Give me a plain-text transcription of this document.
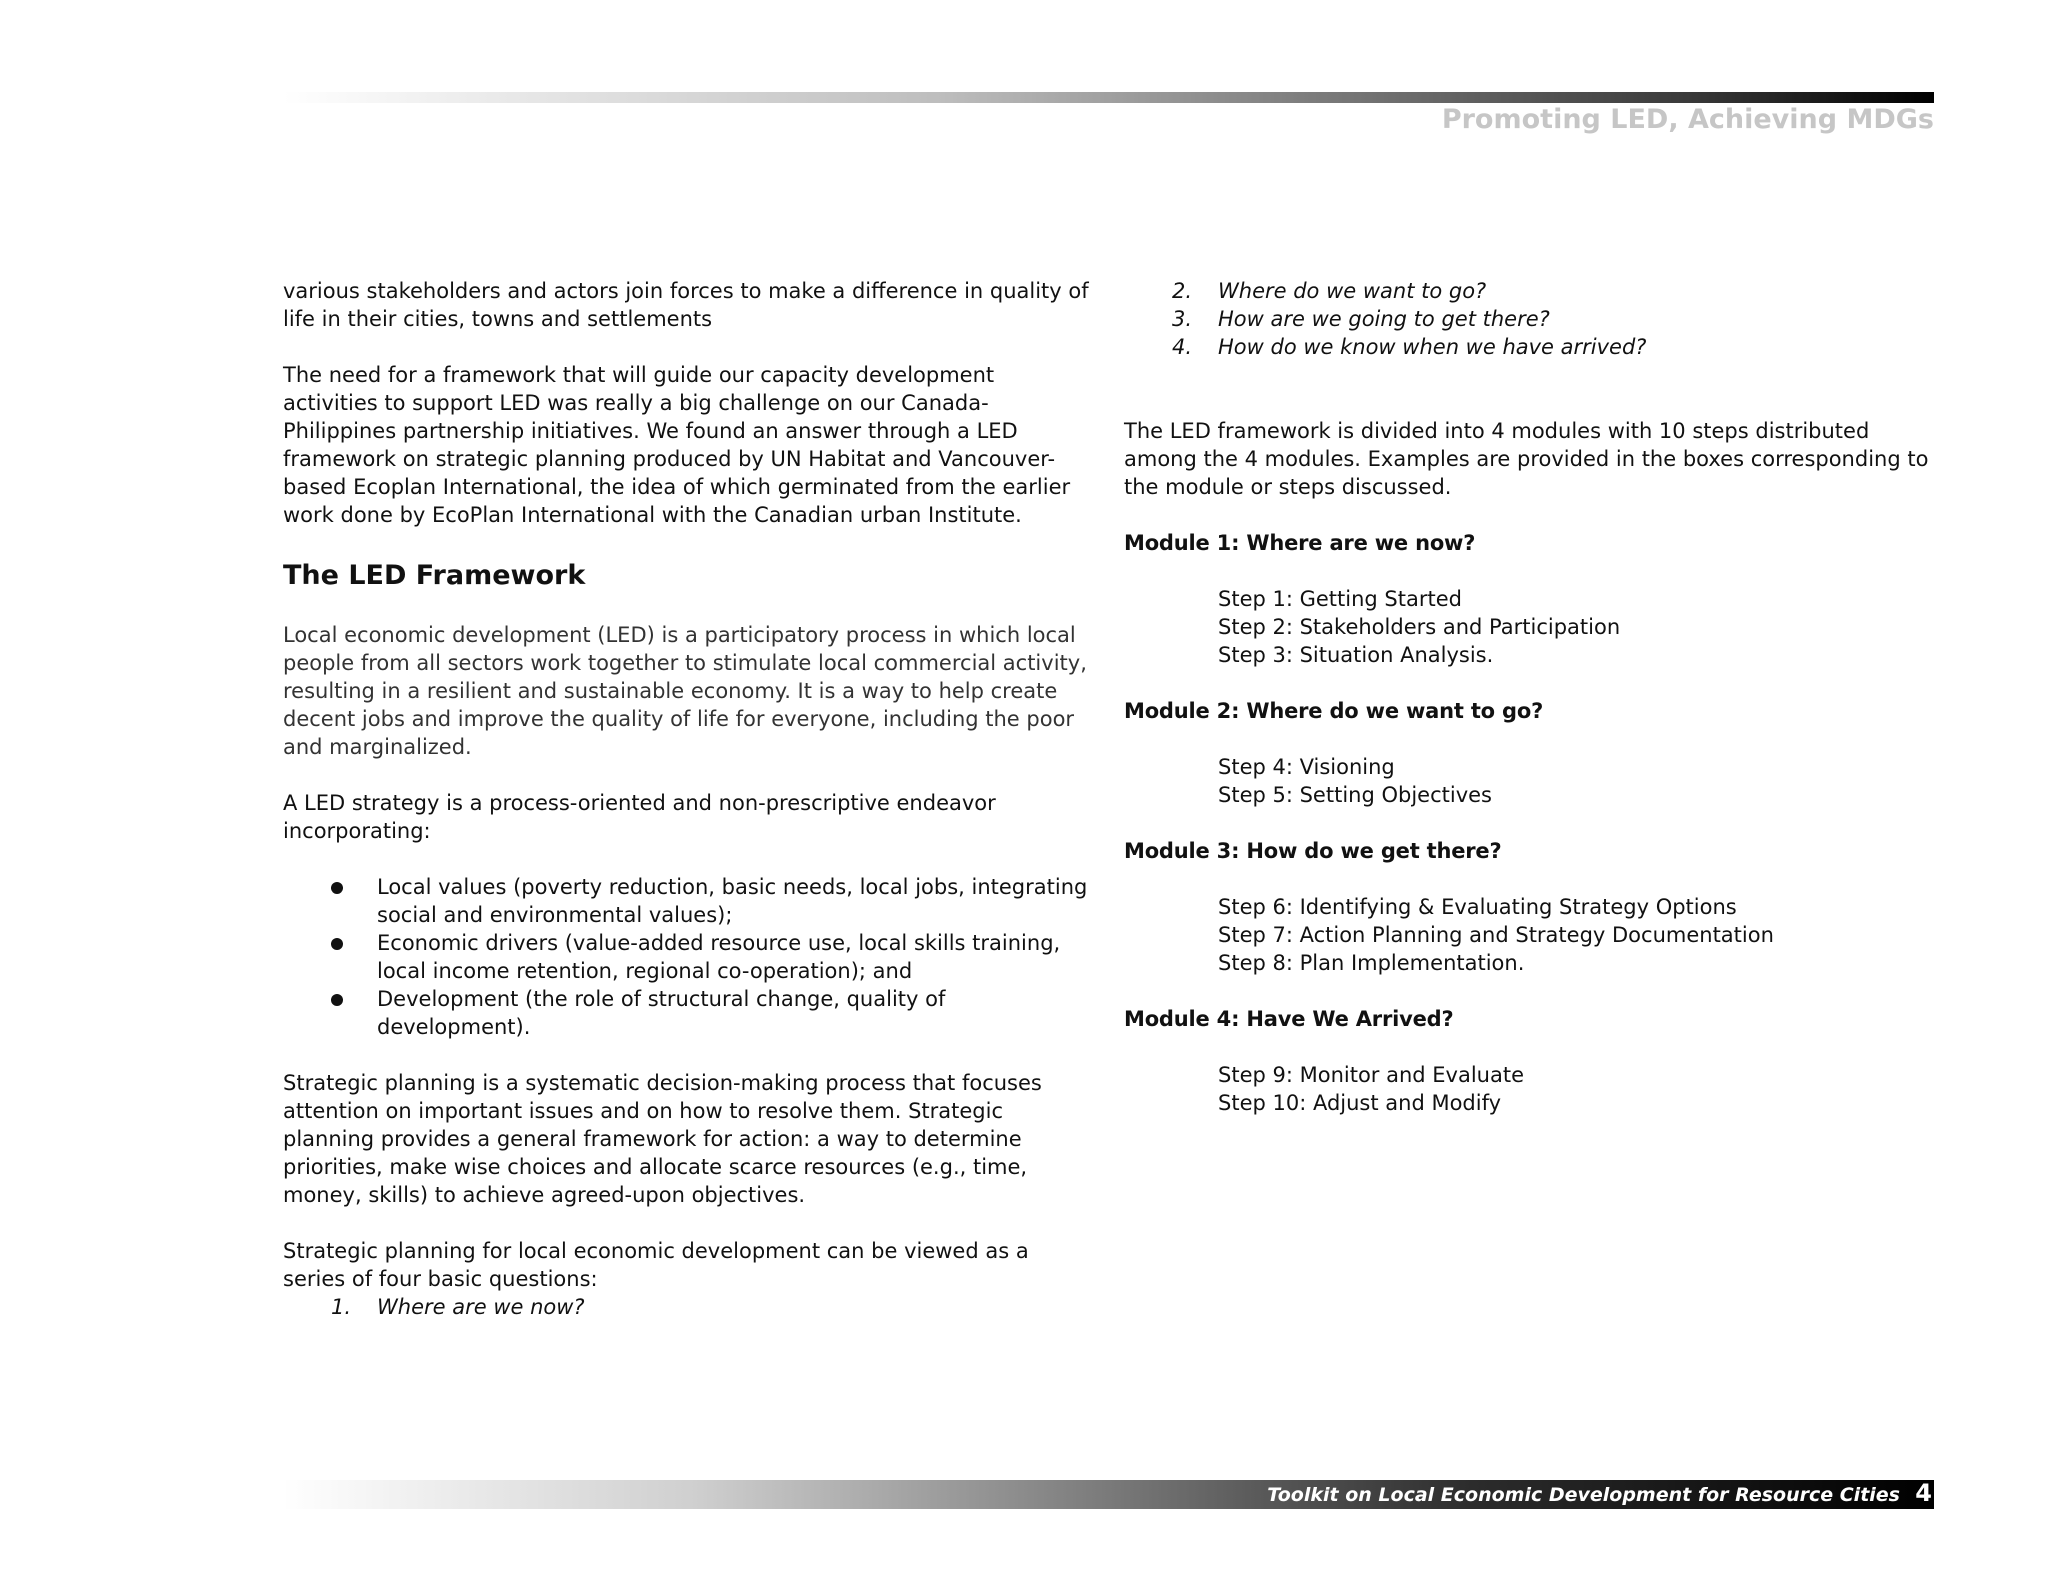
Promoting LED, Achieving MDGs

various stakeholders and actors join forces to make a difference in quality of life in their cities, towns and settlements

The need for a framework that will guide our capacity development activities to support LED was really a big challenge on our Canada-Philippines partnership initiatives. We found an answer through a LED framework on strategic planning produced by UN Habitat and Vancouver-based Ecoplan International, the idea of which germinated from the earlier work done by EcoPlan International with the Canadian urban Institute.

The LED Framework

Local economic development (LED) is a participatory process in which local people from all sectors work together to stimulate local commercial activity, resulting in a resilient and sustainable economy. It is a way to help create decent jobs and improve the quality of life for everyone, including the poor and marginalized.

A LED strategy is a process-oriented and non-prescriptive endeavor incorporating:

Local values (poverty reduction, basic needs, local jobs, integrating social and environmental values);
Economic drivers (value-added resource use, local skills training, local income retention, regional co-operation); and
Development (the role of structural change, quality of development).

Strategic planning is a systematic decision-making process that focuses attention on important issues and on how to resolve them. Strategic planning provides a general framework for action: a way to determine priorities, make wise choices and allocate scarce resources (e.g., time, money, skills) to achieve agreed-upon objectives.

Strategic planning for local economic development can be viewed as a series of four basic questions:

1. Where are we now?
2. Where do we want to go?
3. How are we going to get there?
4. How do we know when we have arrived?

The LED framework is divided into 4 modules with 10 steps distributed among the 4 modules. Examples are provided in the boxes corresponding to the module or steps discussed.

Module 1: Where are we now?
Step 1: Getting Started
Step 2: Stakeholders and Participation
Step 3: Situation Analysis.
Module 2: Where do we want to go?
Step 4: Visioning
Step 5: Setting Objectives
Module 3: How do we get there?
Step 6: Identifying & Evaluating Strategy Options
Step 7: Action Planning and Strategy Documentation
Step 8: Plan Implementation.
Module 4: Have We Arrived?
Step 9: Monitor and Evaluate
Step 10: Adjust and Modify
Toolkit on Local Economic Development for Resource Cities 4
